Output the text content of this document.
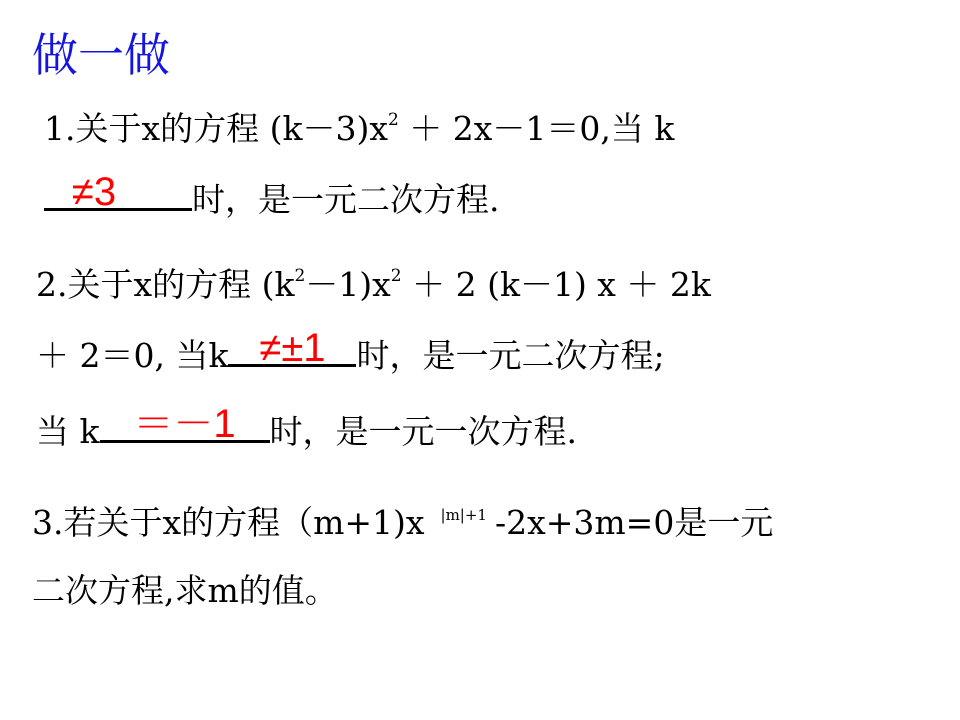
做一做
1.关于x的方程 $(k-3)x^2 + 2x-1=0$,当 k
≠3	时，是一元二次方程.
2.关于x的方程 $(k^2-1)x^2 + 2$ (k－1) x ＋ 2k
＋ 2＝0, 当k ≠±1 时，是一元二次方程;
当 k ＝－1	时，是一元一次方程.
3.若关于x的方程（m+1)x $^{|m|+1}$ -2x+3m=0是一元
二次方程,求m的值。
